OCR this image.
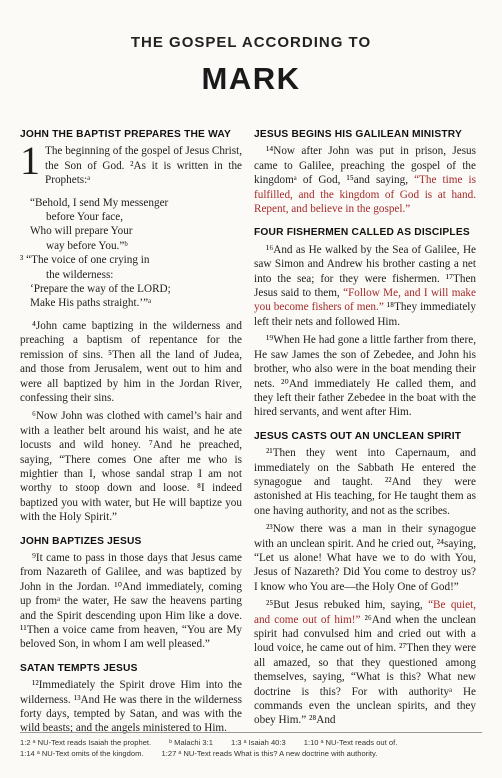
THE GOSPEL ACCORDING TO
MARK
JOHN THE BAPTIST PREPARES THE WAY

1 The beginning of the gospel of Jesus Christ, the Son of God. ²As it is written in the Prophets:ᵃ

“Behold, I send My messenger

before Your face,

Who will prepare Your

way before You.”ᵇ

³ “The voice of one crying in

the wilderness:

‘Prepare the way of the LORD;

Make His paths straight.’”ᵃ

⁴John came baptizing in the wilderness and preaching a baptism of repentance for the remission of sins. ⁵Then all the land of Judea, and those from Jerusalem, went out to him and were all baptized by him in the Jordan River, confessing their sins.

⁶Now John was clothed with camel’s hair and with a leather belt around his waist, and he ate locusts and wild honey. ⁷And he preached, saying, “There comes One after me who is mightier than I, whose sandal strap I am not worthy to stoop down and loose. ⁸I indeed baptized you with water, but He will baptize you with the Holy Spirit.”

JOHN BAPTIZES JESUS

⁹It came to pass in those days that Jesus came from Nazareth of Galilee, and was baptized by John in the Jordan. ¹⁰And immediately, coming up fromᵃ the water, He saw the heavens parting and the Spirit descending upon Him like a dove. ¹¹Then a voice came from heaven, “You are My beloved Son, in whom I am well pleased.”

SATAN TEMPTS JESUS

¹²Immediately the Spirit drove Him into the wilderness. ¹³And He was there in the wilderness forty days, tempted by Satan, and was with the wild beasts; and the angels ministered to Him.

JESUS BEGINS HIS GALILEAN MINISTRY

¹⁴Now after John was put in prison, Jesus came to Galilee, preaching the gospel of the kingdomᵃ of God, ¹⁵and saying, “The time is fulfilled, and the kingdom of God is at hand. Repent, and believe in the gospel.”

FOUR FISHERMEN CALLED AS DISCIPLES

¹⁶And as He walked by the Sea of Galilee, He saw Simon and Andrew his brother casting a net into the sea; for they were fishermen. ¹⁷Then Jesus said to them, “Follow Me, and I will make you become fishers of men.” ¹⁸They immediately left their nets and followed Him.

¹⁹When He had gone a little farther from there, He saw James the son of Zebedee, and John his brother, who also were in the boat mending their nets. ²⁰And immediately He called them, and they left their father Zebedee in the boat with the hired servants, and went after Him.

JESUS CASTS OUT AN UNCLEAN SPIRIT

²¹Then they went into Capernaum, and immediately on the Sabbath He entered the synagogue and taught. ²²And they were astonished at His teaching, for He taught them as one having authority, and not as the scribes.

²³Now there was a man in their synagogue with an unclean spirit. And he cried out, ²⁴saying, “Let us alone! What have we to do with You, Jesus of Nazareth? Did You come to destroy us? I know who You are—the Holy One of God!”

²⁵But Jesus rebuked him, saying, “Be quiet, and come out of him!” ²⁶And when the unclean spirit had convulsed him and cried out with a loud voice, he came out of him. ²⁷Then they were all amazed, so that they questioned among themselves, saying, “What is this? What new doctrine is this? For with authorityᵃ He commands even the unclean spirits, and they obey Him.” ²⁸And

1:2 ᵃ NU-Text reads Isaiah the prophet. ᵇ Malachi 3:1 1:3 ᵃ Isaiah 40:3 1:10 ᵃ NU-Text reads out of.

1:14 ᵃ NU-Text omits of the kingdom. 1:27 ᵃ NU-Text reads What is this? A new doctrine with authority.
